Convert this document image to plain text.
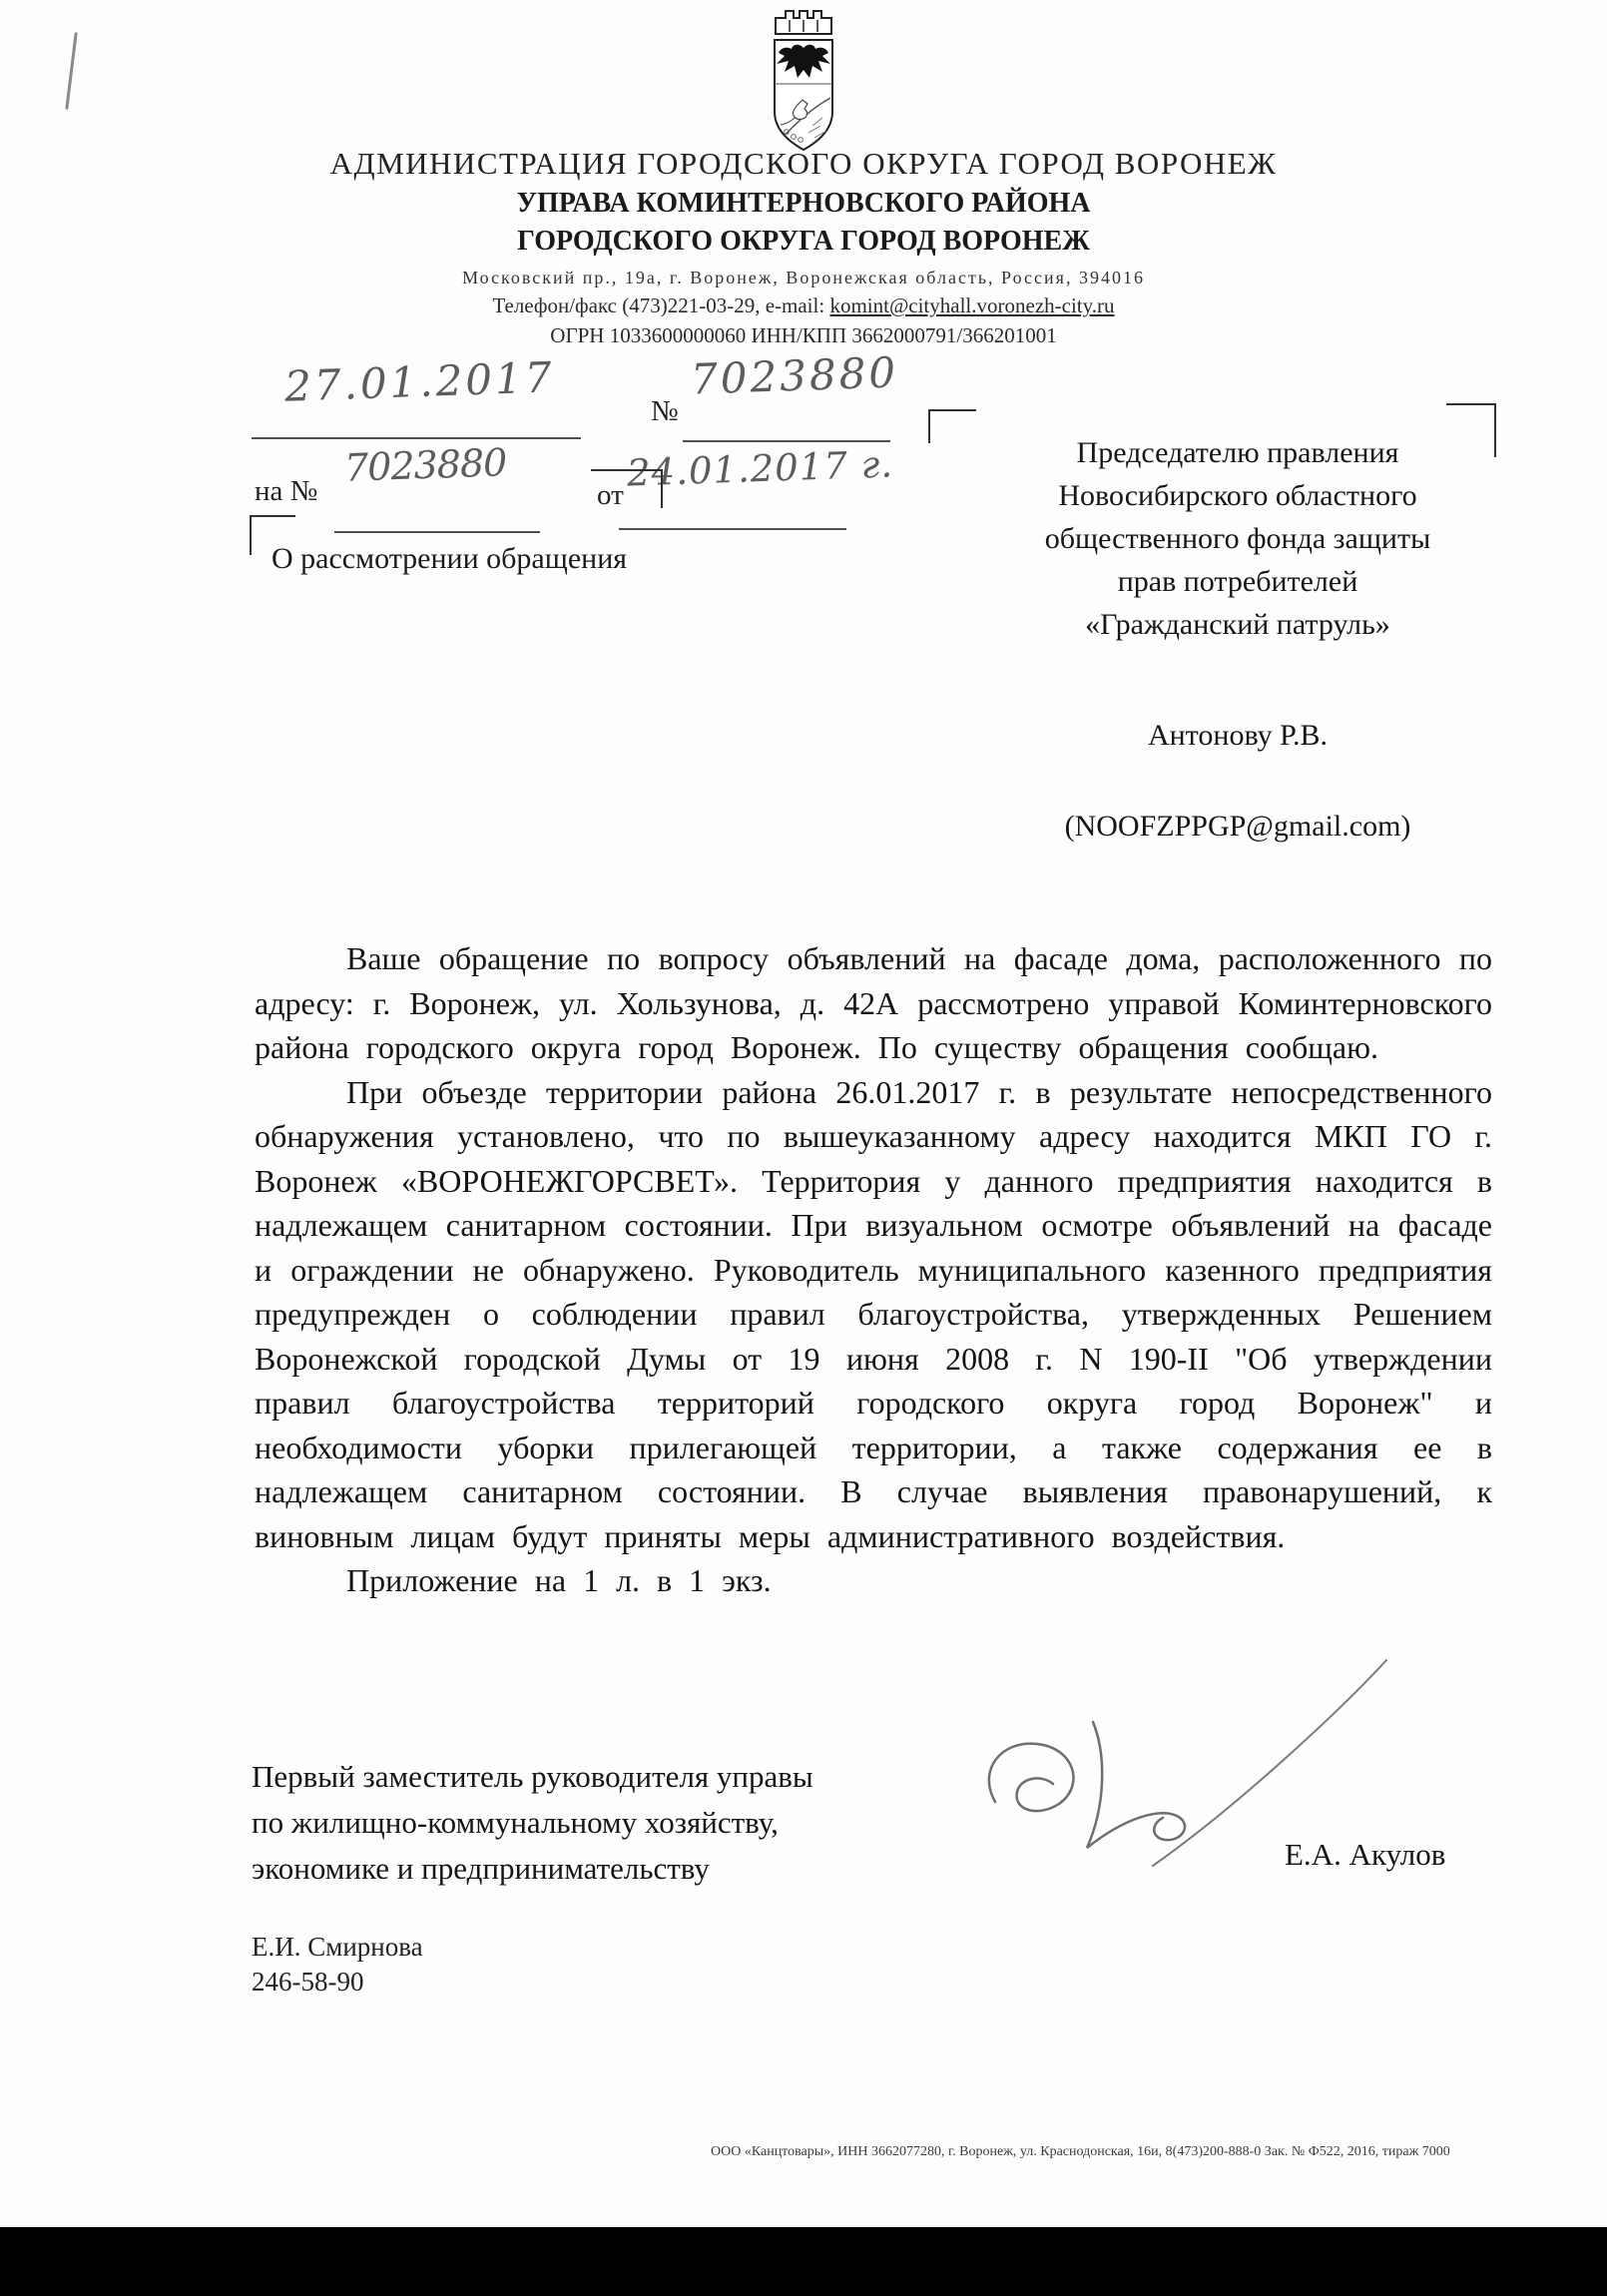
АДМИНИСТРАЦИЯ ГОРОДСКОГО ОКРУГА ГОРОД ВОРОНЕЖ
УПРАВА КОМИНТЕРНОВСКОГО РАЙОНА
ГОРОДСКОГО ОКРУГА ГОРОД ВОРОНЕЖ
Московский пр., 19а, г. Воронеж, Воронежская область, Россия, 394016
Телефон/факс (473)221-03-29, e-mail: komint@cityhall.voronezh-city.ru
ОГРН 1033600000060 ИНН/КПП 3662000791/366201001
27.01.2017
№
7023880
на №
7023880
от
24.01.2017 г.	Председателю правления
Новосибирского областного
общественного фонда защиты
прав потребителей
«Гражданский патруль»
Антонову Р.В.
(NOOFZPPGP@gmail.com)
О рассмотрении обращения

Ваше обращение по вопросу объявлений на фасаде дома, расположенного по адресу: г. Воронеж, ул. Хользунова, д. 42А рассмотрено управой Коминтерновского района городского округа город Воронеж. По существу обращения сообщаю.

При объезде территории района 26.01.2017 г. в результате непосредственного обнаружения установлено, что по вышеуказанному адресу находится МКП ГО г. Воронеж «ВОРОНЕЖГОРСВЕТ». Территория у данного предприятия находится в надлежащем санитарном состоянии. При визуальном осмотре объявлений на фасаде и ограждении не обнаружено. Руководитель муниципального казенного предприятия предупрежден о соблюдении правил благоустройства, утвержденных Решением Воронежской городской Думы от 19 июня 2008 г. N 190-II "Об утверждении правил благоустройства территорий городского округа город Воронеж" и необходимости уборки прилегающей территории, а также содержания ее в надлежащем санитарном состоянии. В случае выявления правонарушений, к виновным лицам будут приняты меры административного воздействия.

Приложение на 1 л. в 1 экз.

Первый заместитель руководителя управы
по жилищно-коммунальному хозяйству,
экономике и предпринимательству	Е.А. Акулов
Е.И. Смирнова
246-58-90
ООО «Канцтовары», ИНН 3662077280, г. Воронеж, ул. Краснодонская, 16и, 8(473)200-888-0 Зак. № Ф522, 2016, тираж 7000
